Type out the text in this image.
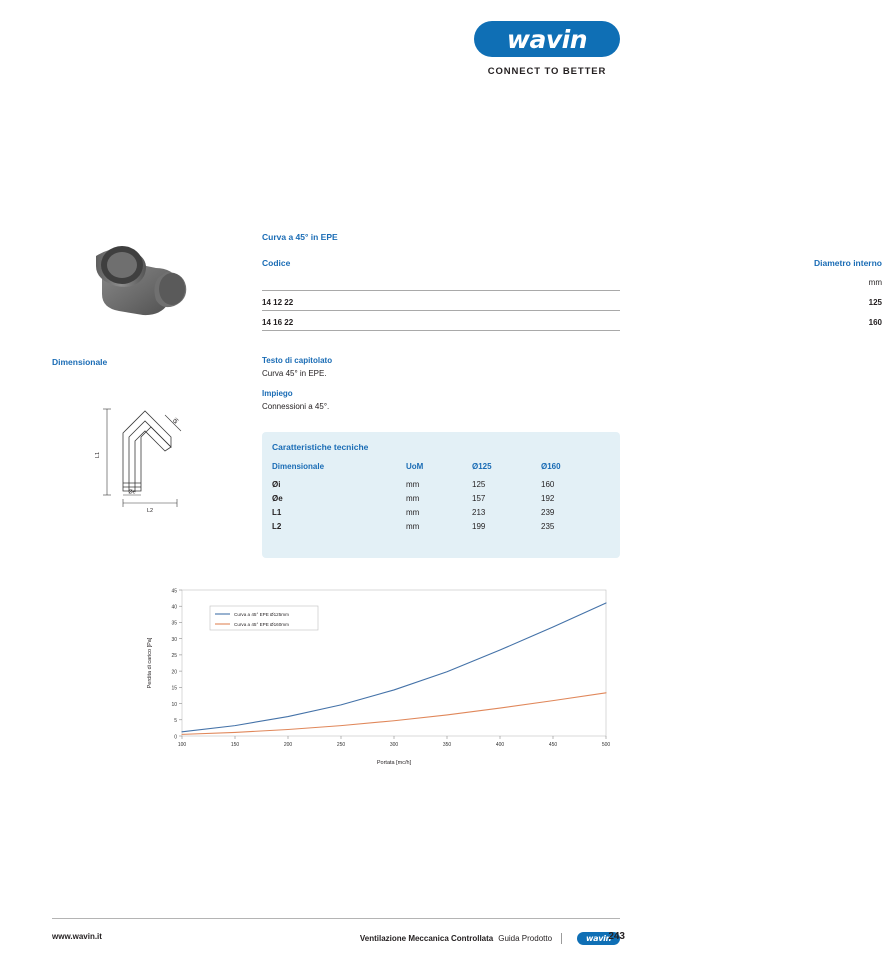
wavin
CONNECT TO BETTER
Curva a 45° in EPE
Codice	Diametro interno
mm
14 12 22	125
14 16 22	160
Dimensionale	Testo di capitolato
Curva 45° in EPE.
Impiego
Connessioni a 45°.
L1
L2
Øe
Øi
Caratteristiche tecniche
Dimensionale	UoM	Ø125	Ø160
Øi	mm	125	160
Øe	mm	157	192
L1	mm	213	239
L2	mm	199	235
0
5
10
15
20
25
30
35
40
45
100	150	200	250	300	350	400	450	500
Portata [mc/h]
Perdita di carico [Pa]
Curva a 45° EPE Ø125mm
Curva a 45° EPE Ø160mm
www.wavin.it	Ventilazione Meccanica Controllata Guida Prodotto	wavin
243
